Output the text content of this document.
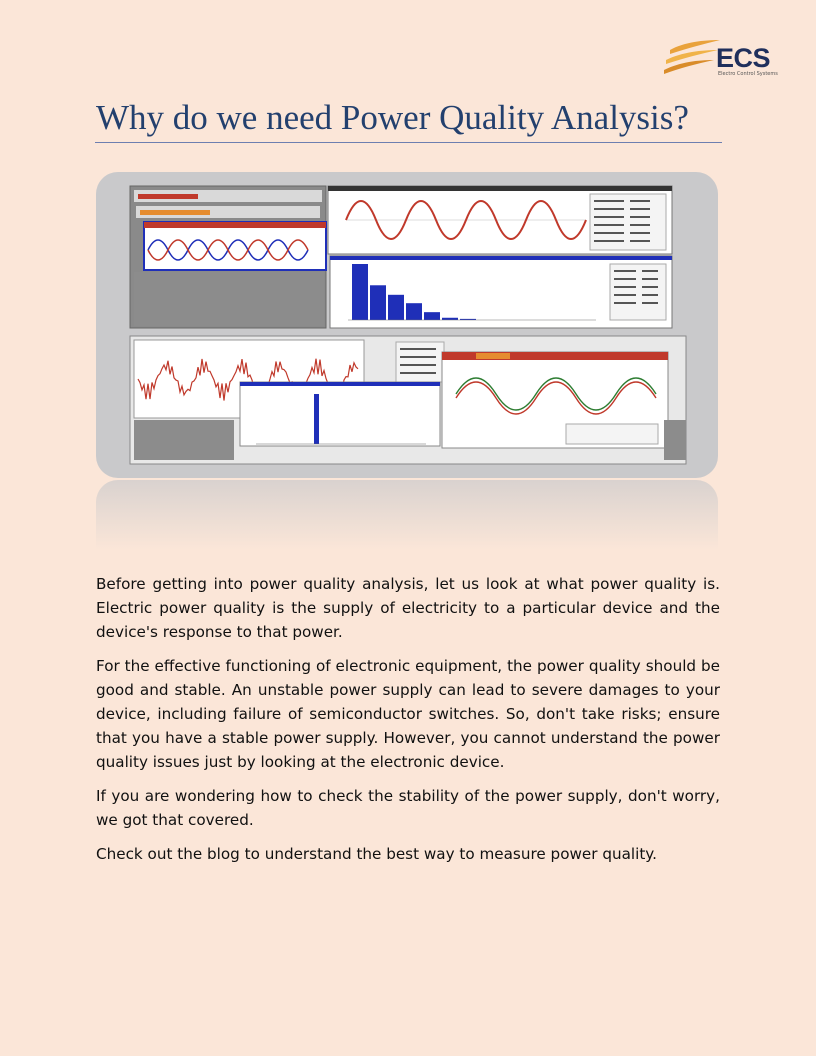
ECS
Electro Control Systems
Why do we need Power Quality Analysis?

Before getting into power quality analysis, let us look at what power quality is. Electric power quality is the supply of electricity to a particular device and the device's response to that power.

For the effective functioning of electronic equipment, the power quality should be good and stable. An unstable power supply can lead to severe damages to your device, including failure of semiconductor switches. So, don't take risks; ensure that you have a stable power supply. However, you cannot understand the power quality issues just by looking at the electronic device.

If you are wondering how to check the stability of the power supply, don't worry, we got that covered.

Check out the blog to understand the best way to measure power quality.
